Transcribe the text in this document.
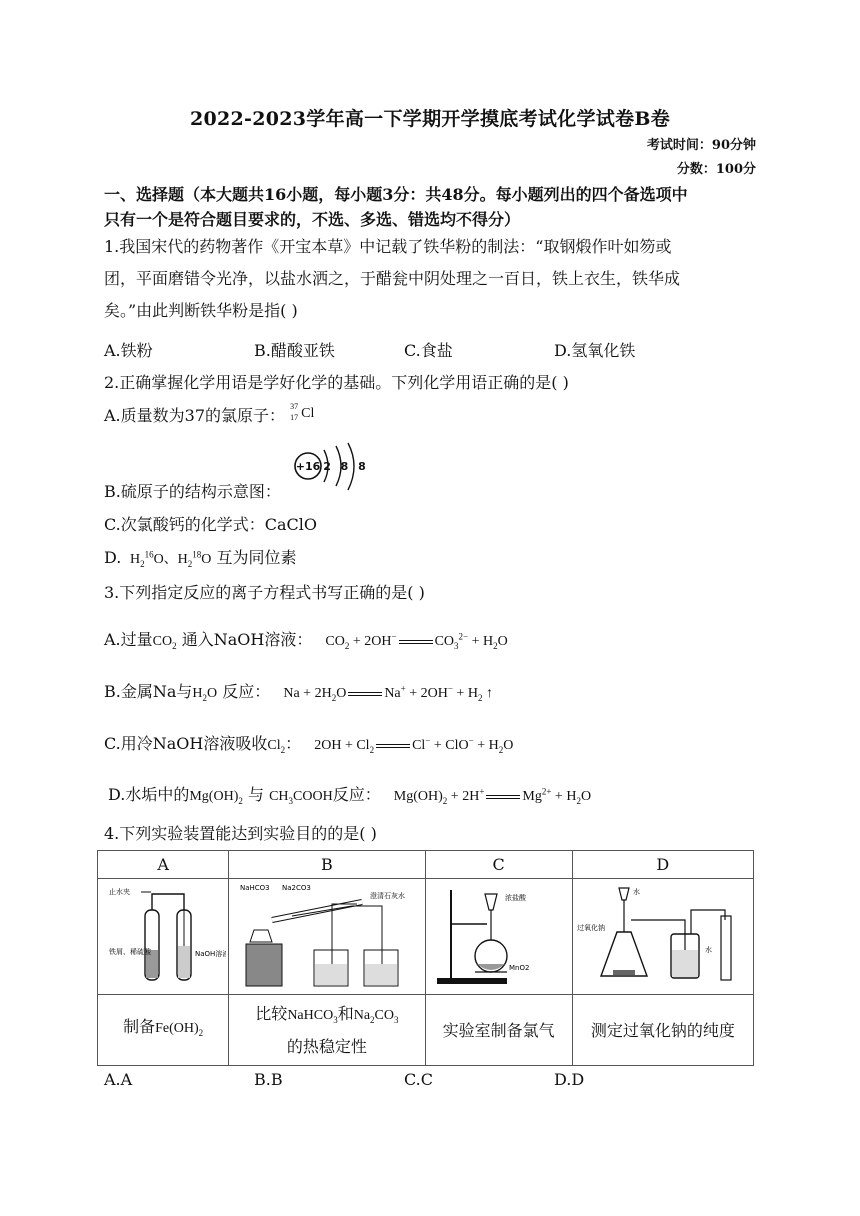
2022-2023学年高一下学期开学摸底考试化学试卷B卷
考试时间：90分钟
分数：100分
一、选择题（本大题共16小题，每小题3分：共48分。每小题列出的四个备选项中
只有一个是符合题目要求的，不选、多选、错选均不得分）
1.我国宋代的药物著作《开宝本草》中记载了铁华粉的制法：“取钢煅作叶如笏或
团，平面磨错令光净，以盐水洒之，于醋瓮中阴处理之一百日，铁上衣生，铁华成
矣。”由此判断铁华粉是指( )
A.铁粉	B.醋酸亚铁	C.食盐	D.氢氧化铁
2.正确掌握化学用语是学好化学的基础。下列化学用语正确的是( )
A.质量数为37的氯原子： 37
17 Cl
+16 2 8 8
B.硫原子的结构示意图：
C.次氯酸钙的化学式：CaClO
D.  $H_2^{16}O$、$H_2^{18}O$ 互为同位素
3.下列指定反应的离子方程式书写正确的是( )
A.过量$CO_2$ 通入NaOH溶液： $CO_2 + 2OH^-$	$CO_3^{2-} + H_2O$
B.金属Na与$H_2O$ 反应： $Na + 2H_2O$	$Na^+ + 2OH^- + H_2$ ↑
C.用冷NaOH溶液吸收$Cl_2$： $2OH + Cl_2$	$Cl^- + ClO^- + H_2O$
D.水垢中的$Mg(OH)_2$ 与 $CH_3COOH$反应： $Mg(OH)_2 + 2H^+$	$Mg^{2+} + H_2O$
4.下列实验装置能达到实验目的的是( )
A	B	C	D

止水夹
铁屑、稀硫酸 NaOH溶液	NaHCO3 Na2CO3
澄清石灰水	浓盐酸
MnO2	水
过氧化钠
水

制备$Fe(OH)_2$	比较NaHCO$_3$和$Na_2CO_3$
的热稳定性	实验室制备氯气	测定过氧化钠的纯度
A.A	B.B	C.C	D.D
